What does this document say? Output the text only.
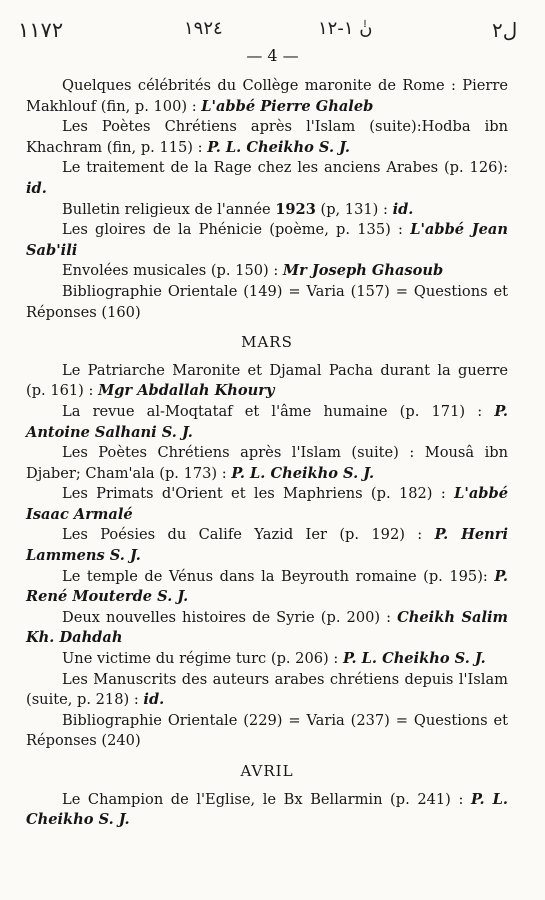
١١٧٢	١٩٢٤	نٰ ١-١٢	ل٢
— 4 —

Quelques célébrités du Collège maronite de Rome : Pierre Makhlouf (fin, p. 100) : L'abbé Pierre Ghaleb

Les Poètes Chrétiens après l'Islam (suite):Hodba ibn Khachram (fin, p. 115) : P. L. Cheikho S. J.

Le traitement de la Rage chez les anciens Arabes (p. 126): id.

Bulletin religieux de l'année 1923 (p, 131) : id.

Les gloires de la Phénicie (poème, p. 135) : L'abbé Jean Sab'ili

Envolées musicales (p. 150) : Mr Joseph Ghasoub

Bibliographie Orientale (149) = Varia (157) = Questions et Réponses (160)

MARS

Le Patriarche Maronite et Djamal Pacha durant la guerre (p. 161) : Mgr Abdallah Khoury

La revue al-Moqtataf et l'âme humaine (p. 171) : P. Antoine Salhani S. J.

Les Poètes Chrétiens après l'Islam (suite) : Mousâ ibn Djaber; Cham'ala (p. 173) : P. L. Cheikho S. J.

Les Primats d'Orient et les Maphriens (p. 182) : L'abbé Isaac Armalé

Les Poésies du Calife Yazid Ier (p. 192) : P. Henri Lammens S. J.

Le temple de Vénus dans la Beyrouth romaine (p. 195): P. René Mouterde S. J.

Deux nouvelles histoires de Syrie (p. 200) : Cheikh Salim Kh. Dahdah

Une victime du régime turc (p. 206) : P. L. Cheikho S. J.

Les Manuscrits des auteurs arabes chrétiens depuis l'Islam (suite, p. 218) : id.

Bibliographie Orientale (229) = Varia (237) = Questions et Réponses (240)

AVRIL

Le Champion de l'Eglise, le Bx Bellarmin (p. 241) : P. L. Cheikho S. J.
